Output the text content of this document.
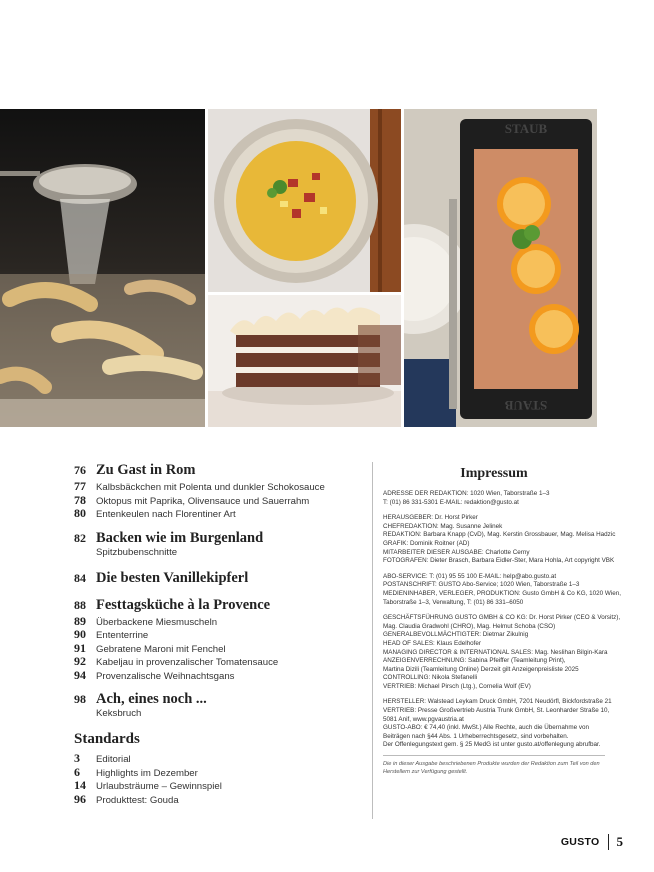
STAUB
STAUB
76 Zu Gast in Rom
77	Kalbsbäckchen mit Polenta und dunkler Schokosauce
78	Oktopus mit Paprika, Olivensauce und Sauerrahm
80	Entenkeulen nach Florentiner Art
82 Backen wie im Burgenland
Spitzbubenschnitte
84 Die besten Vanillekipferl
88 Festtagsküche à la Provence
89	Überbackene Miesmuscheln
90	Ententerrine
91	Gebratene Maroni mit Fenchel
92	Kabeljau in provenzalischer Tomatensauce
94	Provenzalische Weihnachtsgans
98 Ach, eines noch ...
Keksbruch
Standards
3	Editorial
6	Highlights im Dezember
14	Urlaubsträume – Gewinnspiel
96	Produkttest: Gouda
Impressum
ADRESSE DER REDAKTION: 1020 Wien, Taborstraße 1–3
T: (01) 86 331-5301 E-MAIL: redaktion@gusto.at
HERAUSGEBER: Dr. Horst Pirker
CHEFREDAKTION: Mag. Susanne Jelinek
REDAKTION: Barbara Knapp (CvD), Mag. Kerstin Grossbauer, Mag. Melisa Hadzic
GRAFIK: Dominik Roitner (AD)
MITARBEITER DIESER AUSGABE: Charlotte Cerny
FOTOGRAFEN: Dieter Brasch, Barbara Eidler-Ster, Mara Hohla, Art copyright VBK
ABO-SERVICE: T: (01) 95 55 100 E-MAIL: help@abo.gusto.at
POSTANSCHRIFT: GUSTO Abo-Service; 1020 Wien, Taborstraße 1–3
MEDIENINHABER, VERLEGER, PRODUKTION: Gusto GmbH & Co KG, 1020 Wien,
Taborstraße 1–3, Verwaltung, T: (01) 86 331–6050
GESCHÄFTSFÜHRUNG GUSTO GMBH & CO KG: Dr. Horst Pirker (CEO & Vorsitz),
Mag. Claudia Gradwohl (CHRO), Mag. Helmut Schoba (CSO)
GENERALBEVOLLMÄCHTIGTER: Dietmar Zikulnig
HEAD OF SALES: Klaus Edelhofer
MANAGING DIRECTOR & INTERNATIONAL SALES: Mag. Neslihan Bilgin-Kara
ANZEIGENVERRECHNUNG: Sabina Pfeiffer (Teamleitung Print),
Martina Dizili (Teamleitung Online) Derzeit gilt Anzeigenpreisliste 2025
CONTROLLING: Nikola Stefanelli
VERTRIEB: Michael Pirsch (Ltg.), Cornelia Wolf (EV)
HERSTELLER: Walstead Leykam Druck GmbH, 7201 Neudörfl, Bickfordstraße 21
VERTRIEB: Presse Großvertrieb Austria Trunk GmbH, St. Leonharder Straße 10,
5081 Anif, www.pgvaustria.at
GUSTO-ABO: € 74,40 (inkl. MwSt.) Alle Rechte, auch die Übernahme von
Beiträgen nach §44 Abs. 1 Urheberrechtsgesetz, sind vorbehalten.
Der Offenlegungstext gem. § 25 MedG ist unter gusto.at/offenlegung abrufbar.
Die in dieser Ausgabe beschriebenen Produkte wurden der Redaktion zum Teil von den
Herstellern zur Verfügung gestellt.
GUSTO 5
